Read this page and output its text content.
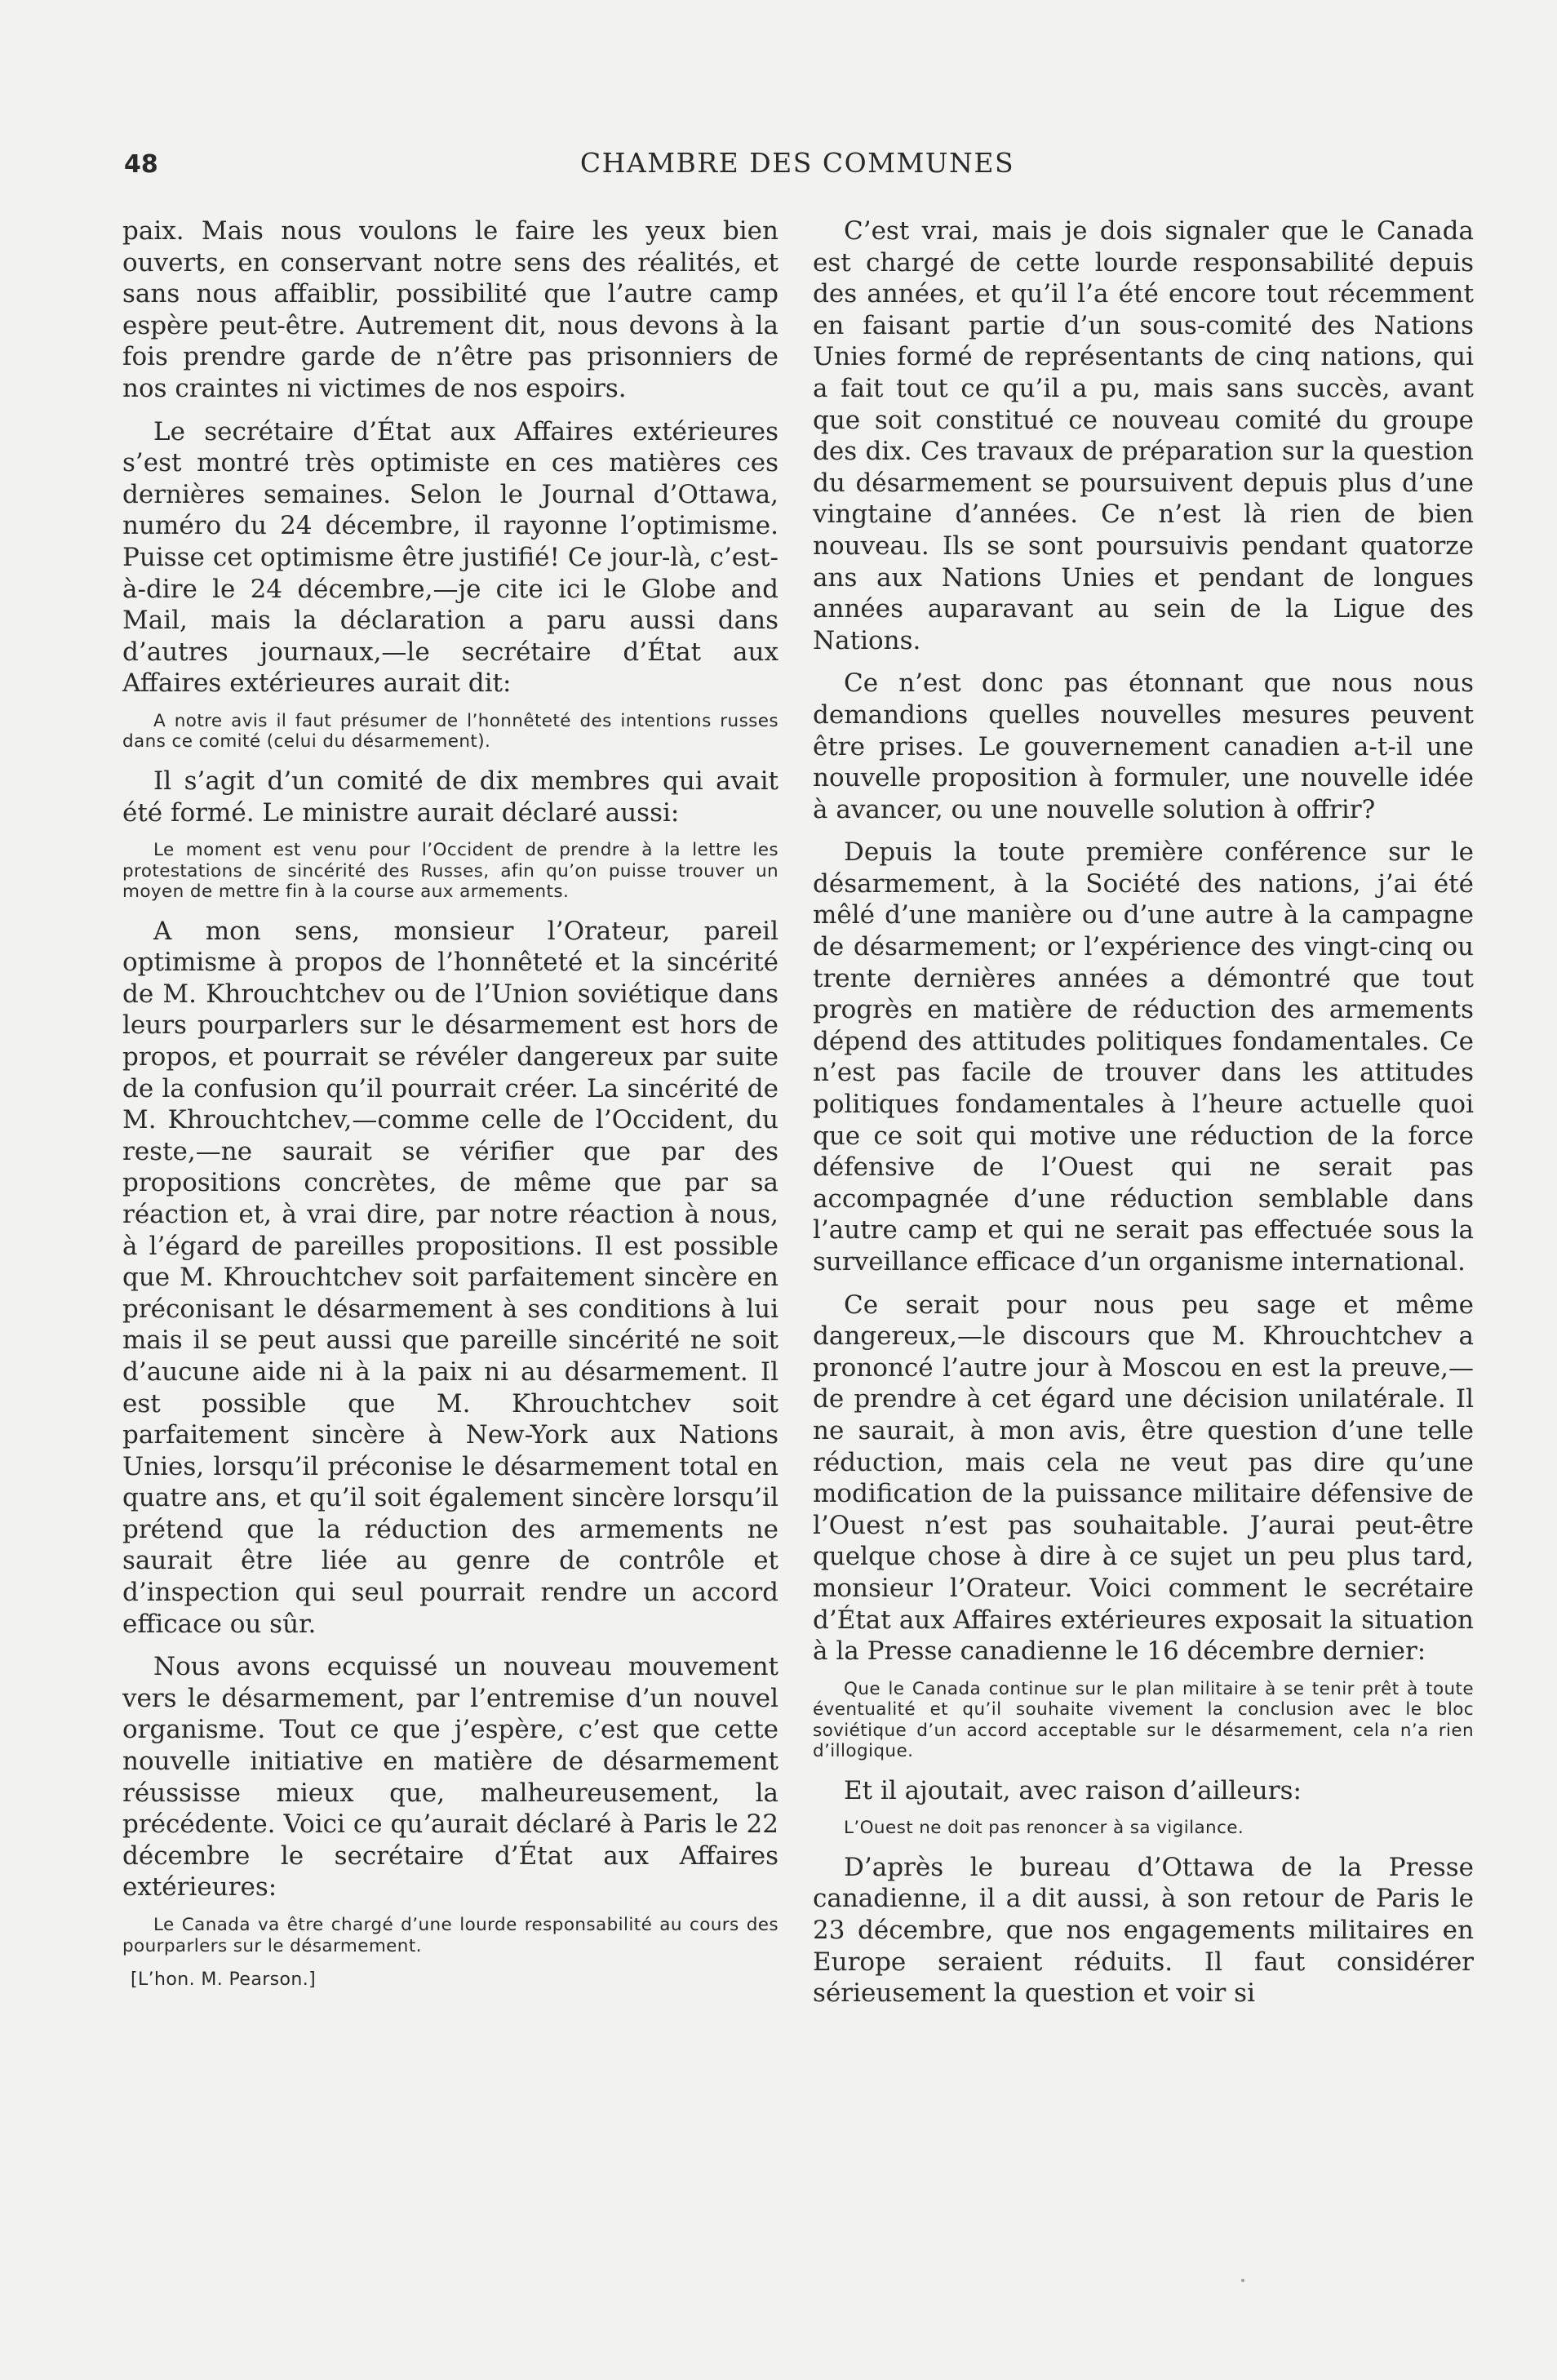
48	CHAMBRE DES COMMUNES

paix. Mais nous voulons le faire les yeux bien ouverts, en conservant notre sens des réalités, et sans nous affaiblir, possibilité que l’autre camp espère peut-être. Autrement dit, nous devons à la fois prendre garde de n’être pas prisonniers de nos craintes ni victimes de nos espoirs.

Le secrétaire d’État aux Affaires extérieures s’est montré très optimiste en ces matières ces dernières semaines. Selon le Journal d’Ottawa, numéro du 24 décembre, il rayonne l’optimisme. Puisse cet optimisme être justifié! Ce jour-là, c’est-à-dire le 24 décembre,—je cite ici le Globe and Mail, mais la déclaration a paru aussi dans d’autres journaux,—le secrétaire d’État aux Affaires extérieures aurait dit:

A notre avis il faut présumer de l’honnêteté des intentions russes dans ce comité (celui du désarmement).

Il s’agit d’un comité de dix membres qui avait été formé. Le ministre aurait déclaré aussi:

Le moment est venu pour l’Occident de prendre à la lettre les protestations de sincérité des Russes, afin qu’on puisse trouver un moyen de mettre fin à la course aux armements.

A mon sens, monsieur l’Orateur, pareil optimisme à propos de l’honnêteté et la sincérité de M. Khrouchtchev ou de l’Union soviétique dans leurs pourparlers sur le désarmement est hors de propos, et pourrait se révéler dangereux par suite de la confusion qu’il pourrait créer. La sincérité de M. Khrouchtchev,—comme celle de l’Occident, du reste,—ne saurait se vérifier que par des propositions concrètes, de même que par sa réaction et, à vrai dire, par notre réaction à nous, à l’égard de pareilles propositions. Il est possible que M. Khrouchtchev soit parfaitement sincère en préconisant le désarmement à ses conditions à lui mais il se peut aussi que pareille sincérité ne soit d’aucune aide ni à la paix ni au désarmement. Il est possible que M. Khrouchtchev soit parfaitement sincère à New-York aux Nations Unies, lorsqu’il préconise le désarmement total en quatre ans, et qu’il soit également sincère lorsqu’il prétend que la réduction des armements ne saurait être liée au genre de contrôle et d’inspection qui seul pourrait rendre un accord efficace ou sûr.

Nous avons ecquissé un nouveau mouvement vers le désarmement, par l’entremise d’un nouvel organisme. Tout ce que j’espère, c’est que cette nouvelle initiative en matière de désarmement réussisse mieux que, malheureusement, la précédente. Voici ce qu’aurait déclaré à Paris le 22 décembre le secrétaire d’État aux Affaires extérieures:

Le Canada va être chargé d’une lourde responsabilité au cours des pourparlers sur le désarmement.

[L’hon. M. Pearson.]

C’est vrai, mais je dois signaler que le Canada est chargé de cette lourde responsabilité depuis des années, et qu’il l’a été encore tout récemment en faisant partie d’un sous-comité des Nations Unies formé de représentants de cinq nations, qui a fait tout ce qu’il a pu, mais sans succès, avant que soit constitué ce nouveau comité du groupe des dix. Ces travaux de préparation sur la question du désarmement se poursuivent depuis plus d’une vingtaine d’années. Ce n’est là rien de bien nouveau. Ils se sont poursuivis pendant quatorze ans aux Nations Unies et pendant de longues années auparavant au sein de la Ligue des Nations.

Ce n’est donc pas étonnant que nous nous demandions quelles nouvelles mesures peuvent être prises. Le gouvernement canadien a-t-il une nouvelle proposition à formuler, une nouvelle idée à avancer, ou une nouvelle solution à offrir?

Depuis la toute première conférence sur le désarmement, à la Société des nations, j’ai été mêlé d’une manière ou d’une autre à la campagne de désarmement; or l’expérience des vingt-cinq ou trente dernières années a démontré que tout progrès en matière de réduction des armements dépend des attitudes politiques fondamentales. Ce n’est pas facile de trouver dans les attitudes politiques fondamentales à l’heure actuelle quoi que ce soit qui motive une réduction de la force défensive de l’Ouest qui ne serait pas accompagnée d’une réduction semblable dans l’autre camp et qui ne serait pas effectuée sous la surveillance efficace d’un organisme international.

Ce serait pour nous peu sage et même dangereux,—le discours que M. Khrouchtchev a prononcé l’autre jour à Moscou en est la preuve,—de prendre à cet égard une décision unilatérale. Il ne saurait, à mon avis, être question d’une telle réduction, mais cela ne veut pas dire qu’une modification de la puissance militaire défensive de l’Ouest n’est pas souhaitable. J’aurai peut-être quelque chose à dire à ce sujet un peu plus tard, monsieur l’Orateur. Voici comment le secrétaire d’État aux Affaires extérieures exposait la situation à la Presse canadienne le 16 décembre dernier:

Que le Canada continue sur le plan militaire à se tenir prêt à toute éventualité et qu’il souhaite vivement la conclusion avec le bloc soviétique d’un accord acceptable sur le désarmement, cela n’a rien d’illogique.

Et il ajoutait, avec raison d’ailleurs:

L’Ouest ne doit pas renoncer à sa vigilance.

D’après le bureau d’Ottawa de la Presse canadienne, il a dit aussi, à son retour de Paris le 23 décembre, que nos engagements militaires en Europe seraient réduits. Il faut considérer sérieusement la question et voir si
